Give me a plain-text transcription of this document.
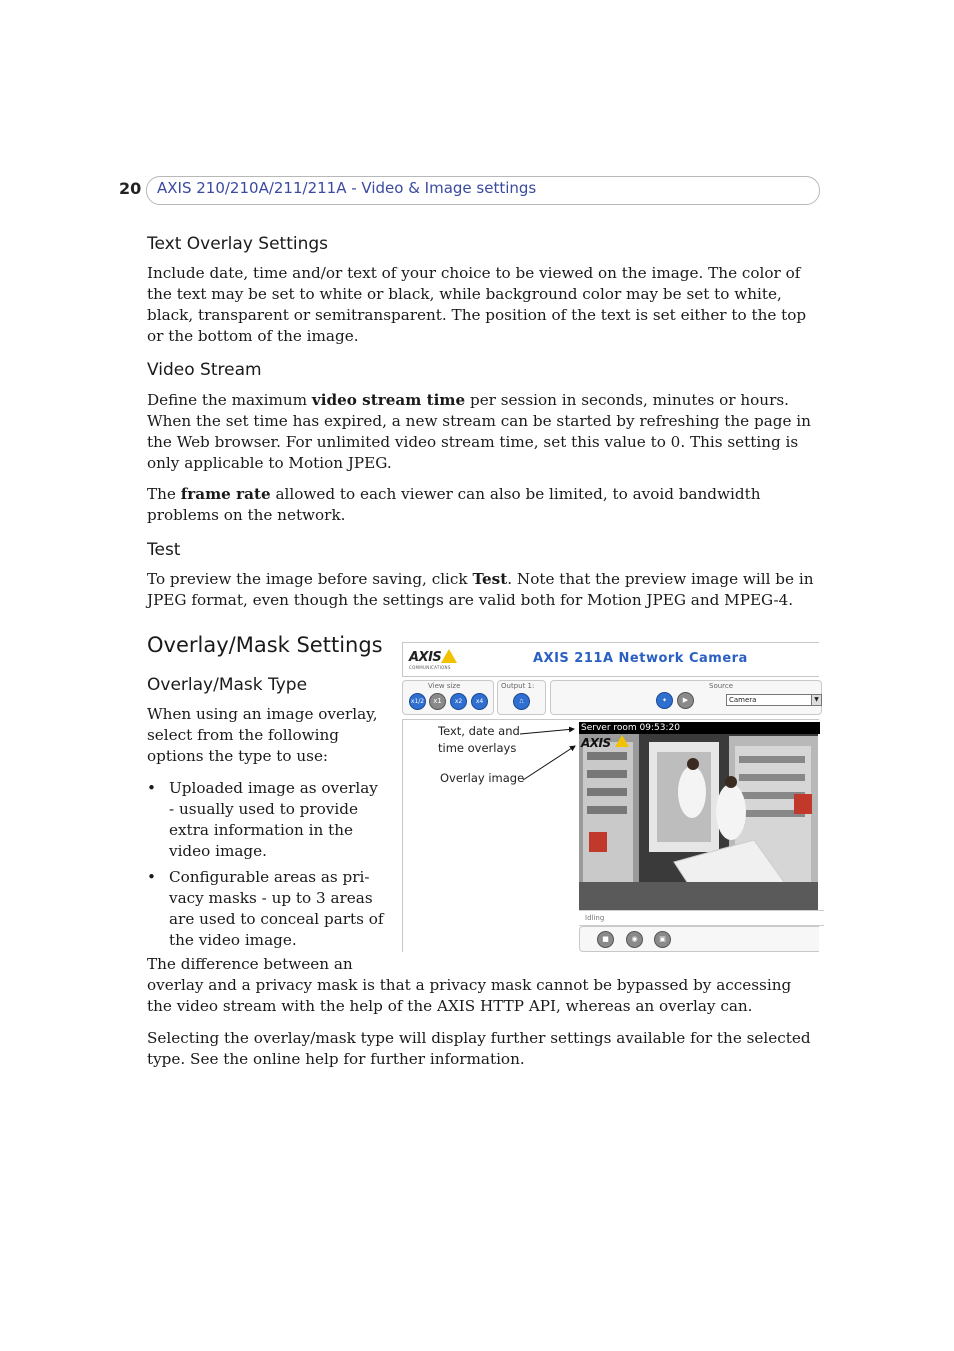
20 AXIS 210/210A/211/211A - Video & Image settings
Text Overlay Settings

Include date, time and/or text of your choice to be viewed on the image. The color of the text may be set to white or black, while background color may be set to white, black, transparent or semitransparent. The position of the text is set either to the top or the bottom of the image.

Video Stream

Define the maximum video stream time per session in seconds, minutes or hours. When the set time has expired, a new stream can be started by refreshing the page in the Web browser. For unlimited video stream time, set this value to 0. This setting is only applicable to Motion JPEG.

The frame rate allowed to each viewer can also be limited, to avoid bandwidth problems on the network.

Test

To preview the image before saving, click Test. Note that the preview image will be in JPEG format, even though the settings are valid both for Motion JPEG and MPEG-4.

Overlay/Mask Settings
Overlay/Mask Type

When using an image overlay, select from the following options the type to use:

• Uploaded image as overlay - usually used to provide extra information in the video image.
• Configurable areas as pri-vacy masks - up to 3 areas are used to conceal parts of the video image.

The difference between an

overlay and a privacy mask is that a privacy mask cannot be bypassed by accessing the video stream with the help of the AXIS HTTP API, whereas an overlay can.

Selecting the overlay/mask type will display further settings available for the selected type. See the online help for further information.

AXIS
COMMUNICATIONS
AXIS 211A Network Camera
View size
x1/2	x1	x2	x4
Output 1:
⎍
Source
✦	▶	Camera	▼
Text, date and
time overlays
Overlay image
Server room 09:53:20
AXIS
Idling
■	◉	▣
